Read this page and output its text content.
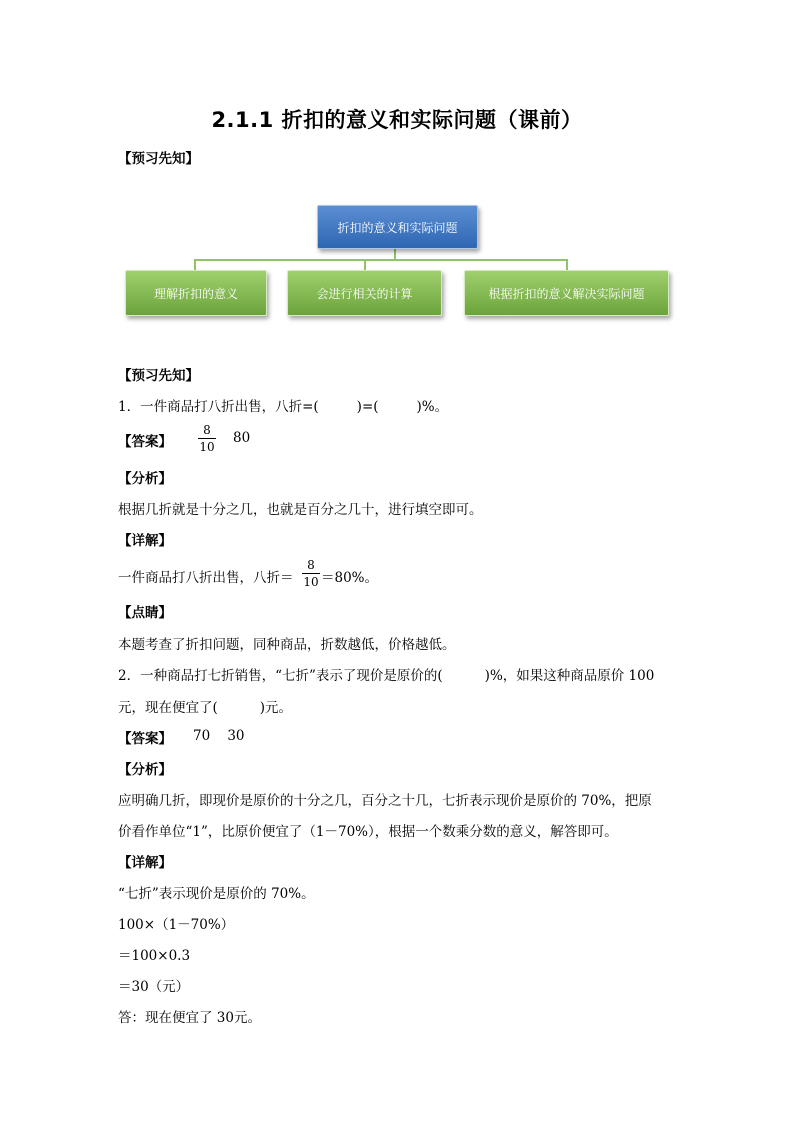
2.1.1 折扣的意义和实际问题（课前）
【预习先知】
折扣的意义和实际问题
理解折扣的意义	会进行相关的计算	根据折扣的意义解决实际问题
【预习先知】
1．一件商品打八折出售，八折=(	)=(	)%。
【答案】
8
10
80
【分析】
根据几折就是十分之几，也就是百分之几十，进行填空即可。
【详解】
一件商品打八折出售，八折＝
8
10 ＝80%。
【点睛】
本题考查了折扣问题，同种商品，折数越低，价格越低。
2．一种商品打七折销售，“七折”表示了现价是原价的(	)%，如果这种商品原价 100
元，现在便宜了(	)元。
【答案】 70    30
【分析】
应明确几折，即现价是原价的十分之几，百分之十几，七折表示现价是原价的 70%，把原
价看作单位“1”，比原价便宜了（1－70%），根据一个数乘分数的意义，解答即可。
【详解】
“七折”表示现价是原价的 70%。
100×（1－70%）
＝100×0.3
＝30（元）
答：现在便宜了 30元。
